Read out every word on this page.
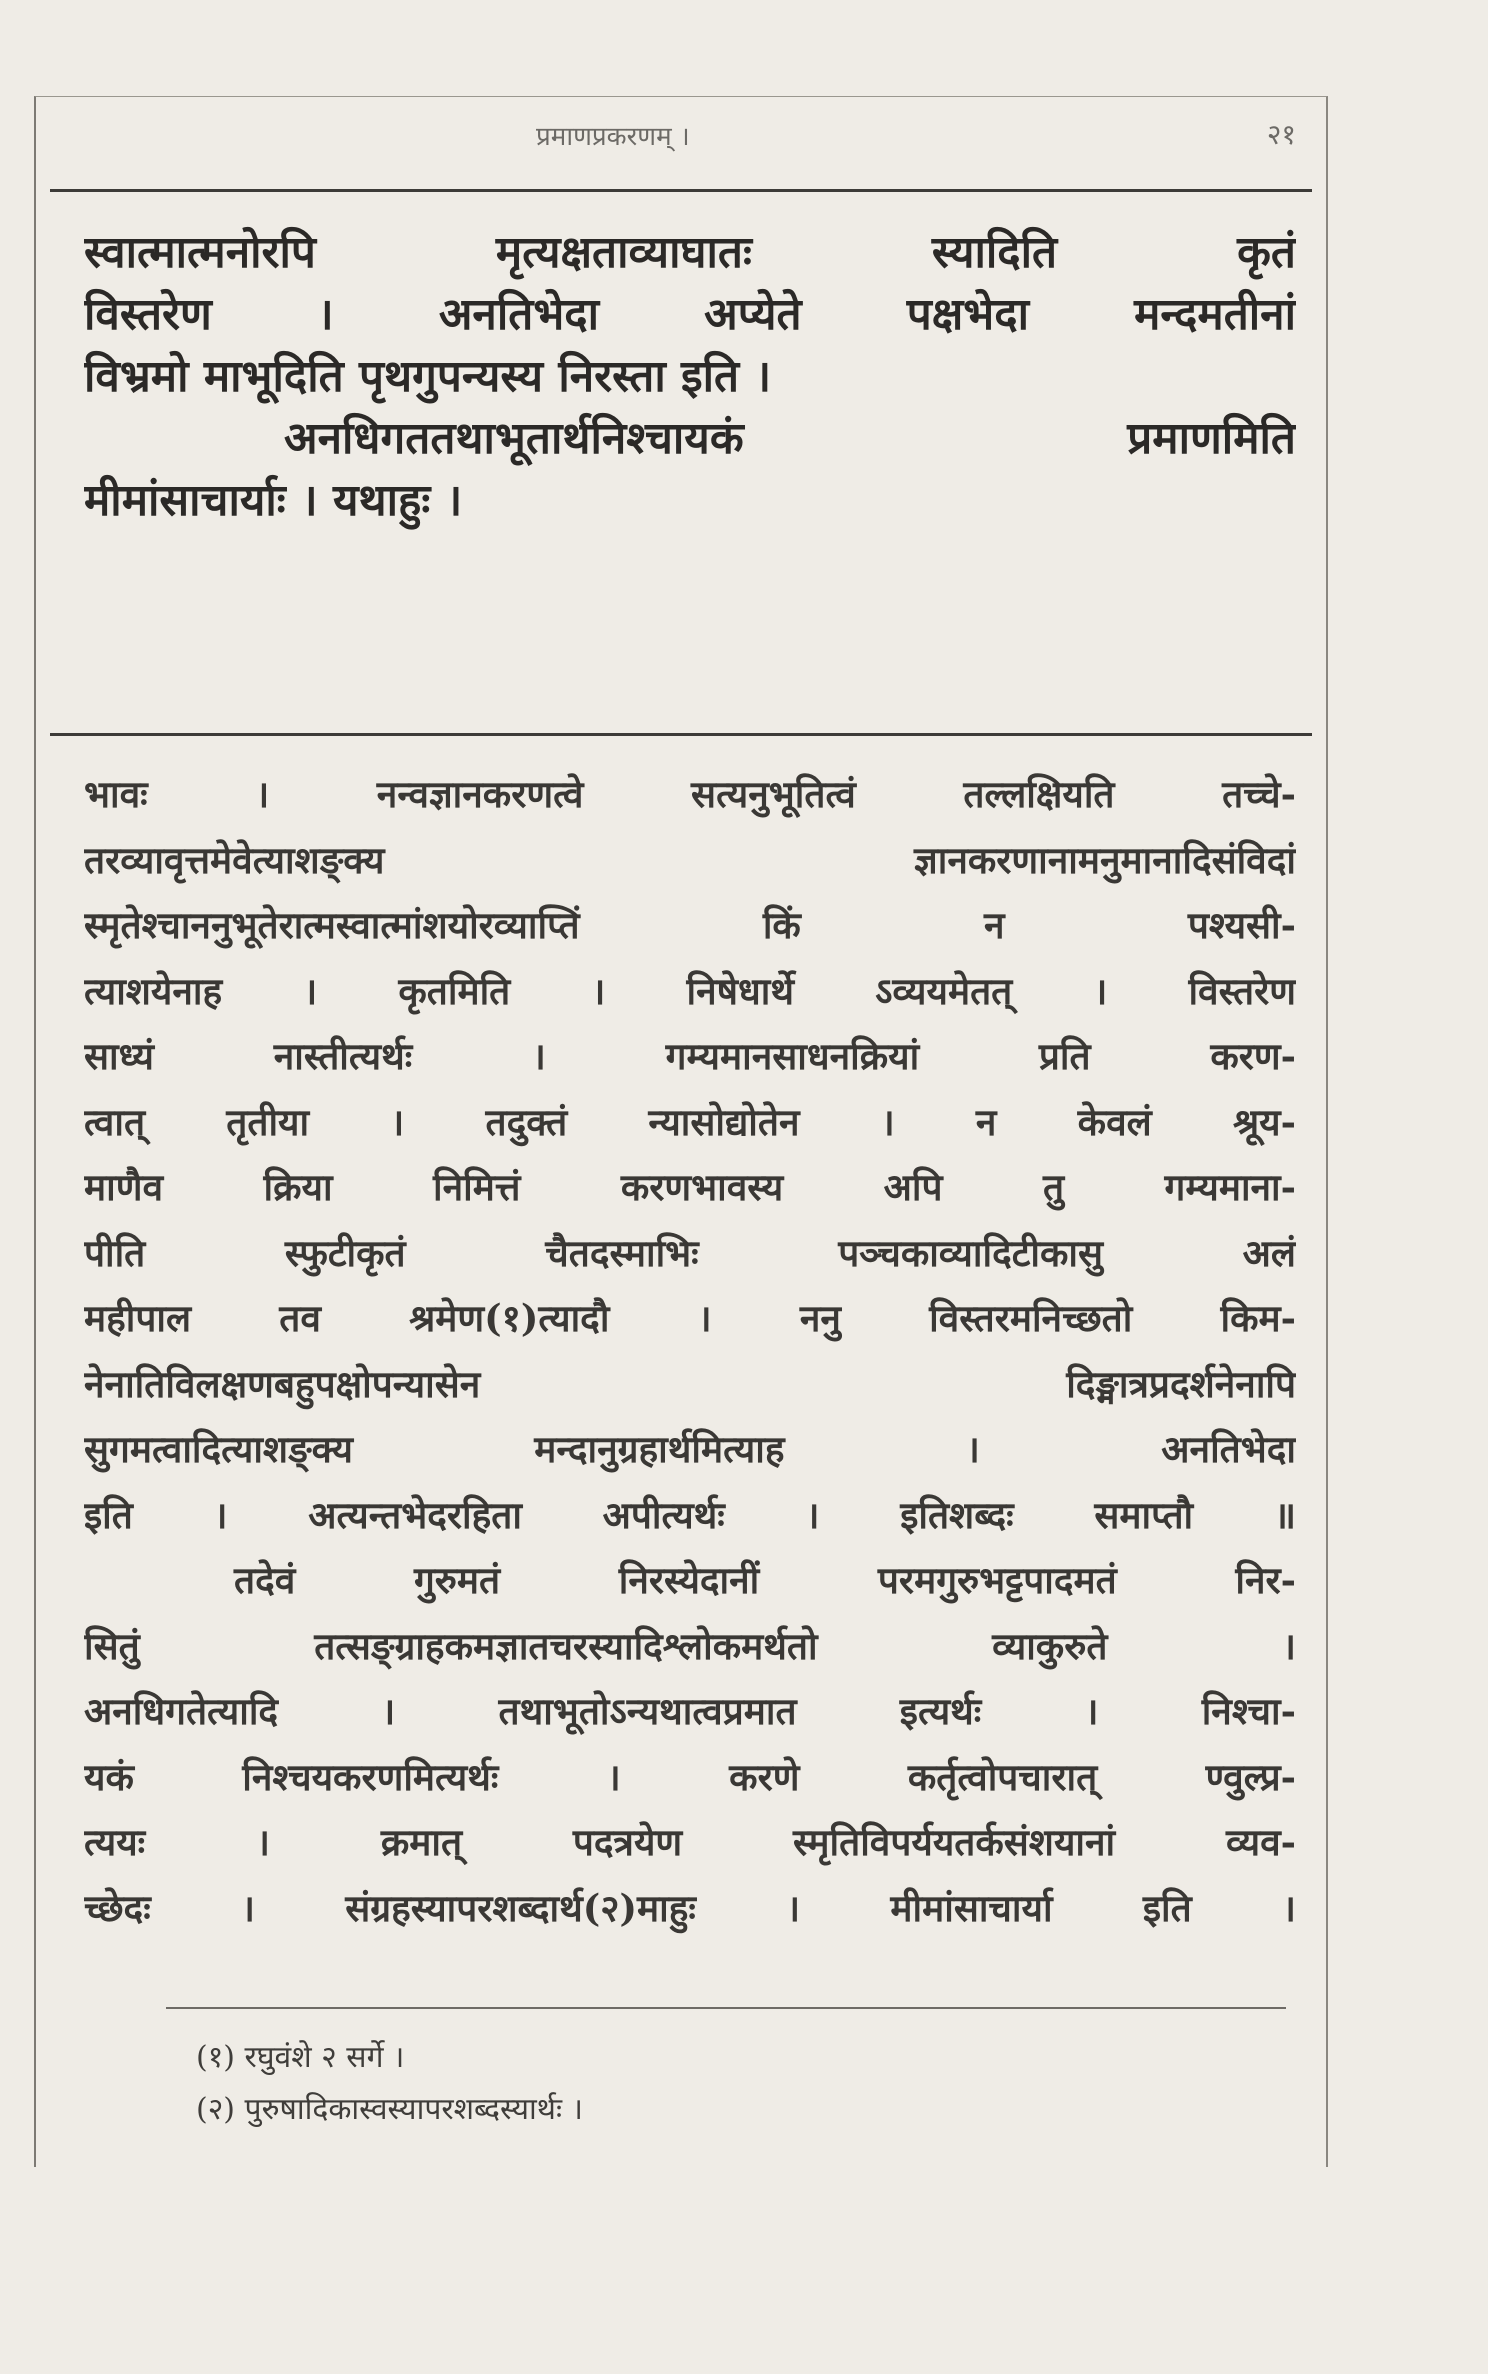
प्रमाणप्रकरणम् ।	२१
स्वात्मात्मनोरपि मृत्यक्षताव्याघातः स्यादिति कृतं
विस्तरेण । अनतिभेदा अप्येते पक्षभेदा मन्दमतीनां
विभ्रमो माभूदिति पृथगुपन्यस्य निरस्ता इति ।
अनधिगततथाभूतार्थनिश्चायकं प्रमाणमिति
मीमांसाचार्याः । यथाहुः ।
भावः । नन्वज्ञानकरणत्वे सत्यनुभूतित्वं तल्लक्षियति तच्चे-
तरव्यावृत्तमेवेत्याशङ्क्य ज्ञानकरणानामनुमानादिसंविदां
स्मृतेश्चाननुभूतेरात्मस्वात्मांशयोरव्याप्तिं किं न पश्यसी-
त्याशयेनाह । कृतमिति । निषेधार्थे ऽव्ययमेतत् । विस्तरेण
साध्यं नास्तीत्यर्थः । गम्यमानसाधनक्रियां प्रति करण-
त्वात् तृतीया । तदुक्तं न्यासोद्योतेन । न केवलं श्रूय-
माणैव क्रिया निमित्तं करणभावस्य अपि तु गम्यमाना-
पीति स्फुटीकृतं चैतदस्माभिः पञ्चकाव्यादिटीकासु अलं
महीपाल तव श्रमेण(१)त्यादौ । ननु विस्तरमनिच्छतो किम-
नेनातिविलक्षणबहुपक्षोपन्यासेन दिङ्मात्रप्रदर्शनेनापि
सुगमत्वादित्याशङ्क्य मन्दानुग्रहार्थमित्याह । अनतिभेदा
इति । अत्यन्तभेदरहिता अपीत्यर्थः । इतिशब्दः समाप्तौ ॥
तदेवं गुरुमतं निरस्येदानीं परमगुरुभट्टपादमतं निर-
सितुं तत्सङ्ग्राहकमज्ञातचरस्यादिश्लोकमर्थतो व्याकुरुते ।
अनधिगतेत्यादि । तथाभूतोऽन्यथात्वप्रमात इत्यर्थः । निश्चा-
यकं निश्चयकरणमित्यर्थः । करणे कर्तृत्वोपचारात् ण्वुल्प्र-
त्ययः । क्रमात् पदत्रयेण स्मृतिविपर्ययतर्कसंशयानां व्यव-
च्छेदः । संग्रहस्यापरशब्दार्थ(२)माहुः । मीमांसाचार्या इति ।
(१) रघुवंशे २ सर्गे ।
(२) पुरुषादिकास्वस्यापरशब्दस्यार्थः ।
